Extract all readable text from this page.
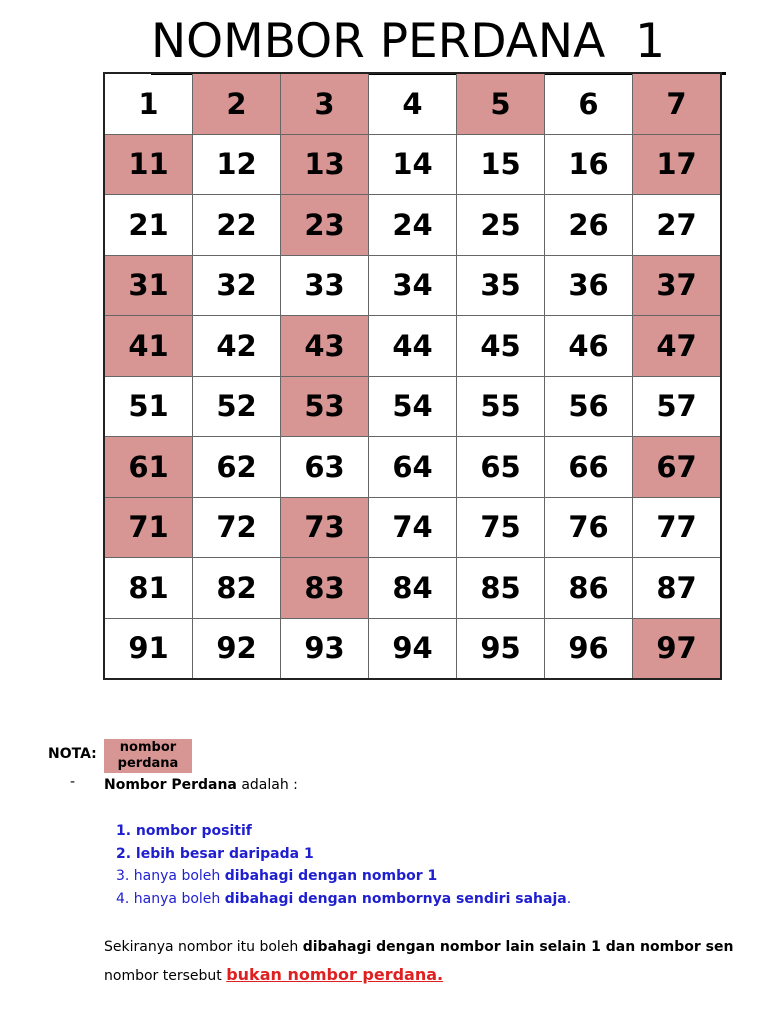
NOMBOR PERDANA  1
1	2	3	4	5	6	7
11	12	13	14	15	16	17
21	22	23	24	25	26	27
31	32	33	34	35	36	37
41	42	43	44	45	46	47
51	52	53	54	55	56	57
61	62	63	64	65	66	67
71	72	73	74	75	76	77
81	82	83	84	85	86	87
91	92	93	94	95	96	97
NOTA:	nombor
perdana
- Nombor Perdana adalah :
1. nombor positif
2. lebih besar daripada 1
3. hanya boleh dibahagi dengan nombor 1
4. hanya boleh dibahagi dengan nombornya sendiri sahaja.
Sekiranya nombor itu boleh dibahagi dengan nombor lain selain 1 dan nombor sen
nombor tersebut bukan nombor perdana.
